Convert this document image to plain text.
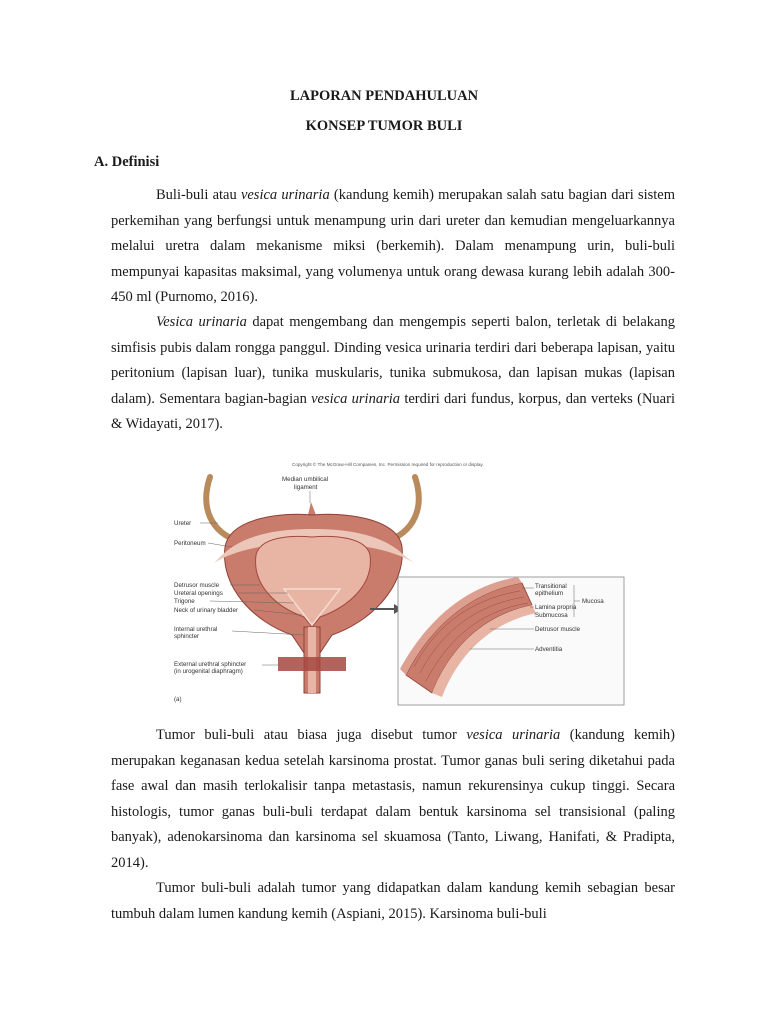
LAPORAN PENDAHULUAN
KONSEP TUMOR BULI
A. Definisi

Buli-buli atau vesica urinaria (kandung kemih) merupakan salah satu bagian dari sistem perkemihan yang berfungsi untuk menampung urin dari ureter dan kemudian mengeluarkannya melalui uretra dalam mekanisme miksi (berkemih). Dalam menampung urin, buli-buli mempunyai kapasitas maksimal, yang volumenya untuk orang dewasa kurang lebih adalah 300-450 ml (Purnomo, 2016).

Vesica urinaria dapat mengembang dan mengempis seperti balon, terletak di belakang simfisis pubis dalam rongga panggul. Dinding vesica urinaria terdiri dari beberapa lapisan, yaitu peritonium (lapisan luar), tunika muskularis, tunika submukosa, dan lapisan mukas (lapisan dalam). Sementara bagian-bagian vesica urinaria terdiri dari fundus, korpus, dan verteks (Nuari & Widayati, 2017).

Copyright © The McGraw-Hill Companies, Inc. Permission required for reproduction or display.
Ureter
Peritoneum
Detrusor muscle
Ureteral openings
Trigone
Neck of urinary bladder
Internal urethral
sphincter
External urethral sphincter
(in urogenital diaphragm)
(a)
Median umbilical
ligament
Transitional
epithelium
Lamina propria
Submucosa
Mucosa
Detrusor muscle
Adventitia

Tumor buli-buli atau biasa juga disebut tumor vesica urinaria (kandung kemih) merupakan keganasan kedua setelah karsinoma prostat. Tumor ganas buli sering diketahui pada fase awal dan masih terlokalisir tanpa metastasis, namun rekurensinya cukup tinggi. Secara histologis, tumor ganas buli-buli terdapat dalam bentuk karsinoma sel transisional (paling banyak), adenokarsinoma dan karsinoma sel skuamosa (Tanto, Liwang, Hanifati, & Pradipta, 2014).

Tumor buli-buli adalah tumor yang didapatkan dalam kandung kemih sebagian besar tumbuh dalam lumen kandung kemih (Aspiani, 2015). Karsinoma buli-buli
